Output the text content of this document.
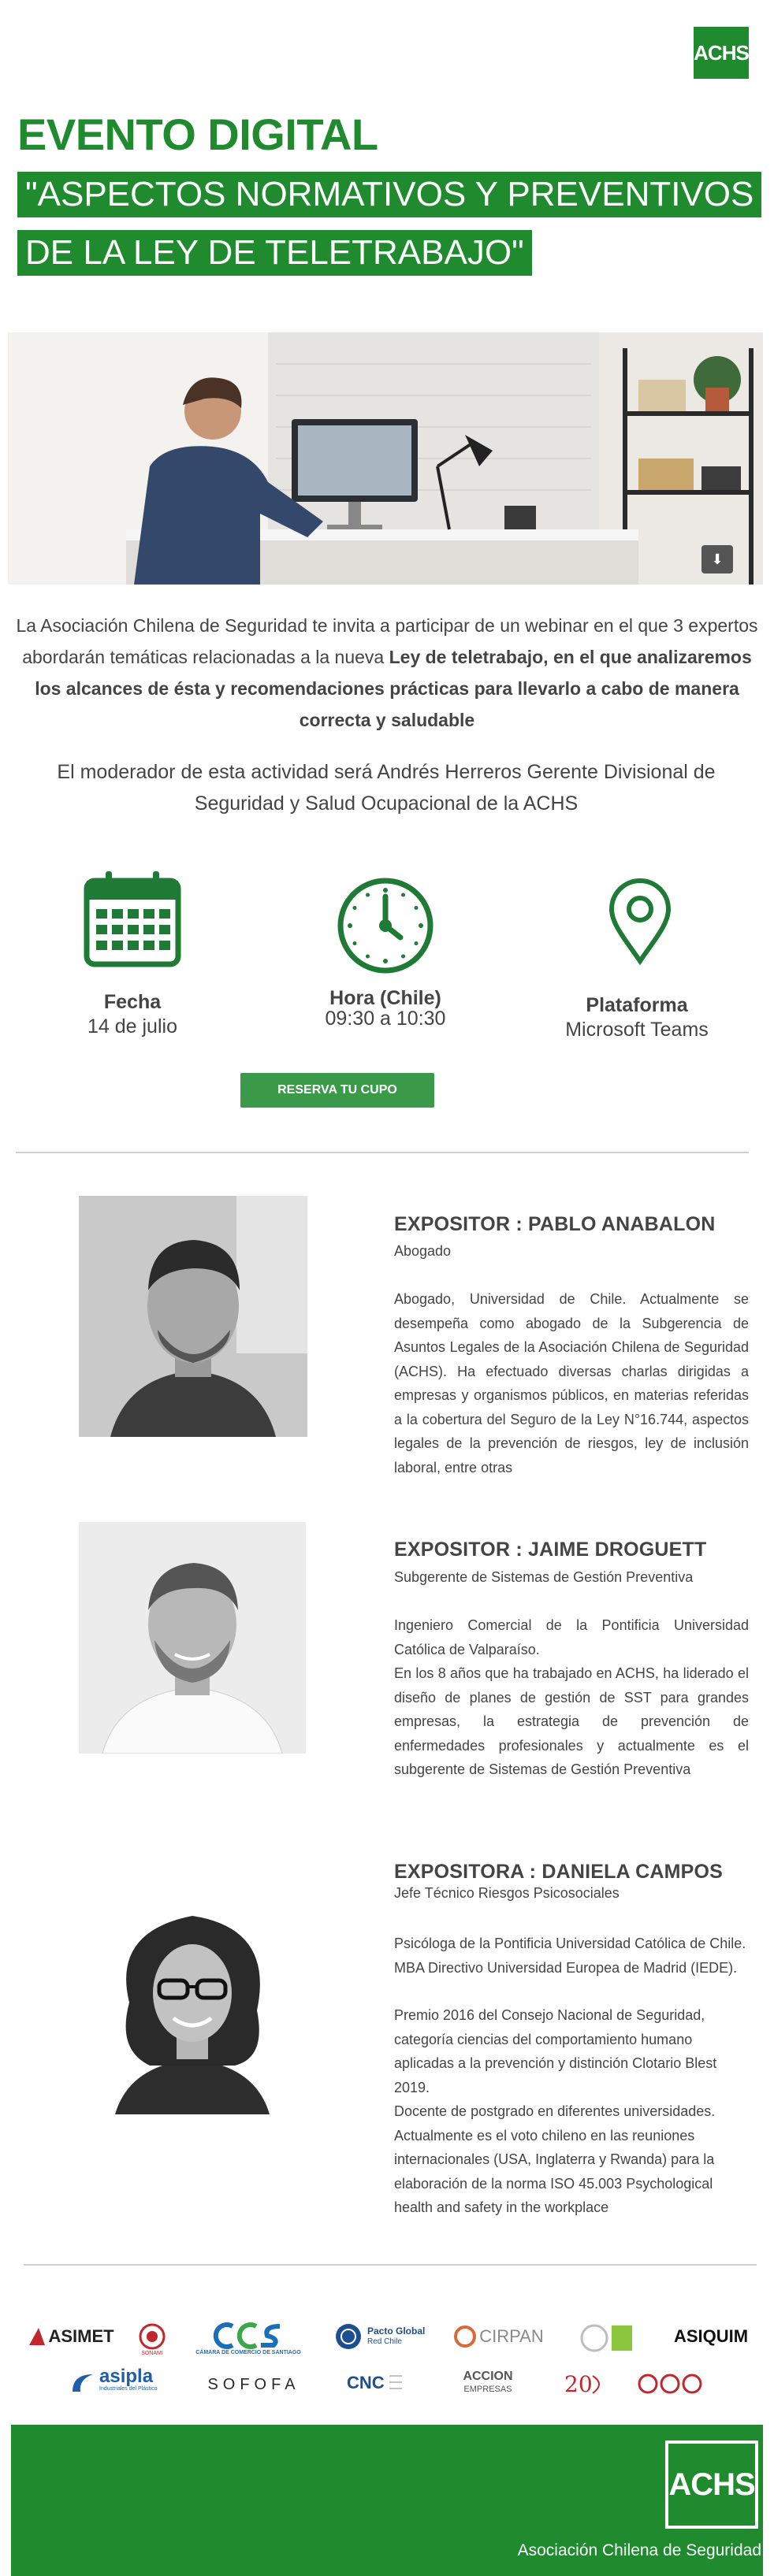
ACHS
EVENTO DIGITAL
"ASPECTOS NORMATIVOS Y PREVENTIVOS
DE LA LEY DE TELETRABAJO"
⬇
La Asociación Chilena de Seguridad te invita a participar de un webinar en el que 3 expertos abordarán temáticas relacionadas a la nueva Ley de teletrabajo, en el que analizaremos los alcances de ésta y recomendaciones prácticas para llevarlo a cabo de manera correcta y saludable
El moderador de esta actividad será Andrés Herreros Gerente Divisional de Seguridad y Salud Ocupacional de la ACHS
Fecha
14 de julio
Hora (Chile)
09:30 a 10:30
Plataforma
Microsoft Teams
RESERVA TU CUPO
EXPOSITOR : PABLO ANABALON
Abogado
Abogado, Universidad de Chile. Actualmente se desempeña como abogado de la Subgerencia de Asuntos Legales de la Asociación Chilena de Seguridad (ACHS). Ha efectuado diversas charlas dirigidas a empresas y organismos públicos, en materias referidas a la cobertura del Seguro de la Ley N°16.744, aspectos legales de la prevención de riesgos, ley de inclusión laboral, entre otras
EXPOSITOR : JAIME DROGUETT
Subgerente de Sistemas de Gestión Preventiva
Ingeniero Comercial de la Pontificia Universidad Católica de Valparaíso.
En los 8 años que ha trabajado en ACHS, ha liderado el diseño de planes de gestión de SST para grandes empresas, la estrategia de prevención de enfermedades profesionales y actualmente es el subgerente de Sistemas de Gestión Preventiva
EXPOSITORA : DANIELA CAMPOS
Jefe Técnico Riesgos Psicosociales
Psicóloga de la Pontificia Universidad Católica de Chile. MBA Directivo Universidad Europea de Madrid (IEDE).
Premio 2016 del Consejo Nacional de Seguridad, categoría ciencias del comportamiento humano aplicadas a la prevención y distinción Clotario Blest 2019.
Docente de postgrado en diferentes universidades. Actualmente es el voto chileno en las reuniones internacionales (USA, Inglaterra y Rwanda) para la elaboración de la norma ISO 45.003 Psychological health and safety in the workplace
ASIMET
SONAMI	CÁMARA DE COMERCIO DE SANTIAGO
Pacto Global
Red Chile	CIRPAN	ASIQUIM
asipla
Industriales del Plástico	SOFOFA	CNC	ACCION
EMPRESAS 20
ACHS
Asociación Chilena de Seguridad
